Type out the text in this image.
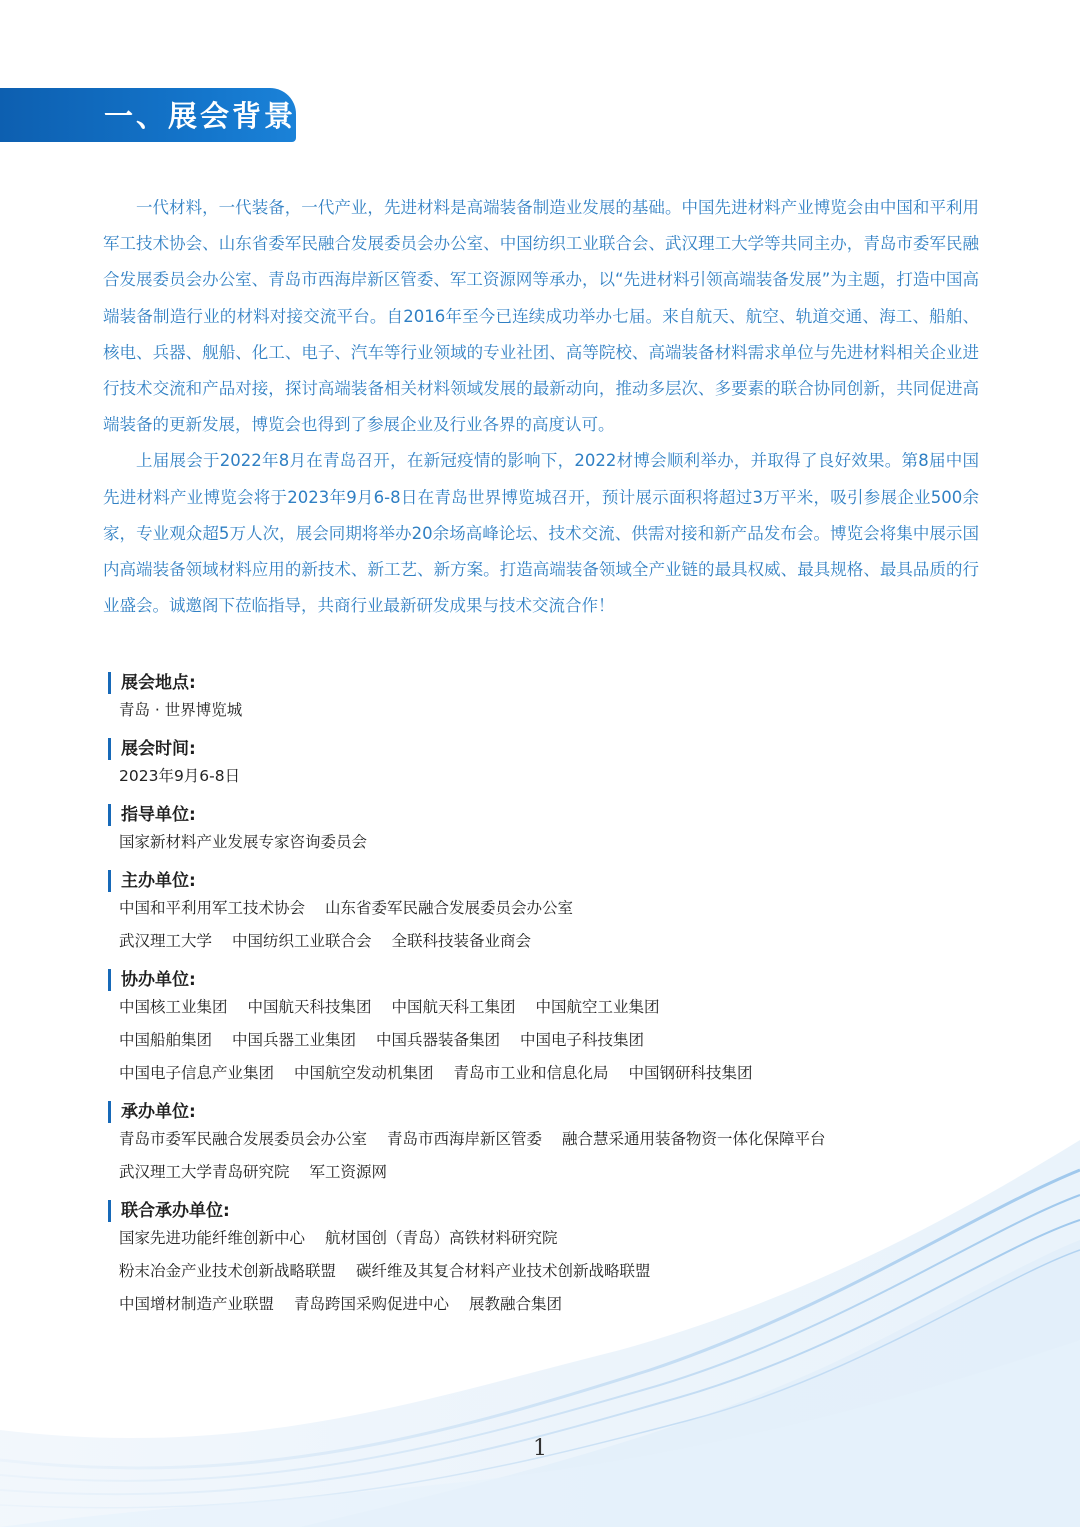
一、展会背景

一代材料，一代装备，一代产业，先进材料是高端装备制造业发展的基础。中国先进材料产业博览会由中国和平利用军工技术协会、山东省委军民融合发展委员会办公室、中国纺织工业联合会、武汉理工大学等共同主办，青岛市委军民融合发展委员会办公室、青岛市西海岸新区管委、军工资源网等承办，以“先进材料引领高端装备发展”为主题，打造中国高端装备制造行业的材料对接交流平台。自2016年至今已连续成功举办七届。来自航天、航空、轨道交通、海工、船舶、核电、兵器、舰船、化工、电子、汽车等行业领域的专业社团、高等院校、高端装备材料需求单位与先进材料相关企业进行技术交流和产品对接，探讨高端装备相关材料领域发展的最新动向，推动多层次、多要素的联合协同创新，共同促进高端装备的更新发展，博览会也得到了参展企业及行业各界的高度认可。

上届展会于2022年8月在青岛召开，在新冠疫情的影响下，2022材博会顺利举办，并取得了良好效果。第8届中国先进材料产业博览会将于2023年9月6-8日在青岛世界博览城召开，预计展示面积将超过3万平米，吸引参展企业500余家，专业观众超5万人次，展会同期将举办20余场高峰论坛、技术交流、供需对接和新产品发布会。博览会将集中展示国内高端装备领域材料应用的新技术、新工艺、新方案。打造高端装备领域全产业链的最具权威、最具规格、最具品质的行业盛会。诚邀阁下莅临指导，共商行业最新研发成果与技术交流合作！

展会地点:
青岛 · 世界博览城
展会时间:
2023年9月6-8日
指导单位:
国家新材料产业发展专家咨询委员会
主办单位:
中国和平利用军工技术协会 山东省委军民融合发展委员会办公室
武汉理工大学 中国纺织工业联合会 全联科技装备业商会
协办单位:
中国核工业集团 中国航天科技集团 中国航天科工集团 中国航空工业集团
中国船舶集团 中国兵器工业集团 中国兵器装备集团 中国电子科技集团
中国电子信息产业集团 中国航空发动机集团 青岛市工业和信息化局 中国钢研科技集团
承办单位:
青岛市委军民融合发展委员会办公室 青岛市西海岸新区管委 融合慧采通用装备物资一体化保障平台
武汉理工大学青岛研究院 军工资源网
联合承办单位:
国家先进功能纤维创新中心 航材国创（青岛）高铁材料研究院
粉末冶金产业技术创新战略联盟 碳纤维及其复合材料产业技术创新战略联盟
中国增材制造产业联盟 青岛跨国采购促进中心 展教融合集团
1
